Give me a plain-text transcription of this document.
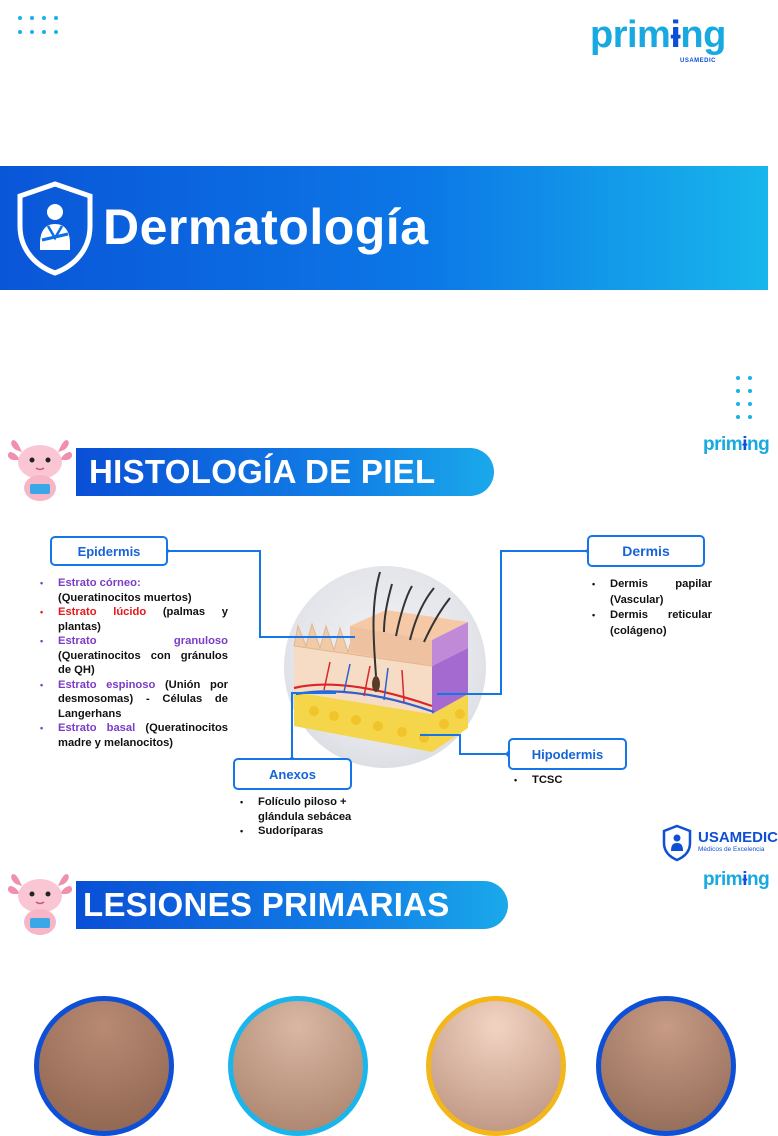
primɨng
USAMEDIC
Dermatología
primɨng
HISTOLOGÍA DE PIEL
Epidermis
• Estrato córneo:
(Queratinocitos muertos)
• Estrato lúcido (palmas y plantas)
• Estrato granuloso (Queratinocitos con gránulos de QH)
• Estrato espinoso (Unión por desmosomas) - Células de Langerhans
• Estrato basal (Queratinocitos madre y melanocitos)
Dermis
• Dermis papilar (Vascular)
• Dermis reticular (colágeno)
Hipodermis
• TCSC
Anexos
• Folículo piloso + glándula sebácea
• Sudoríparas	USAMEDIC
Médicos de Excelencia
primɨng
LESIONES PRIMARIAS
